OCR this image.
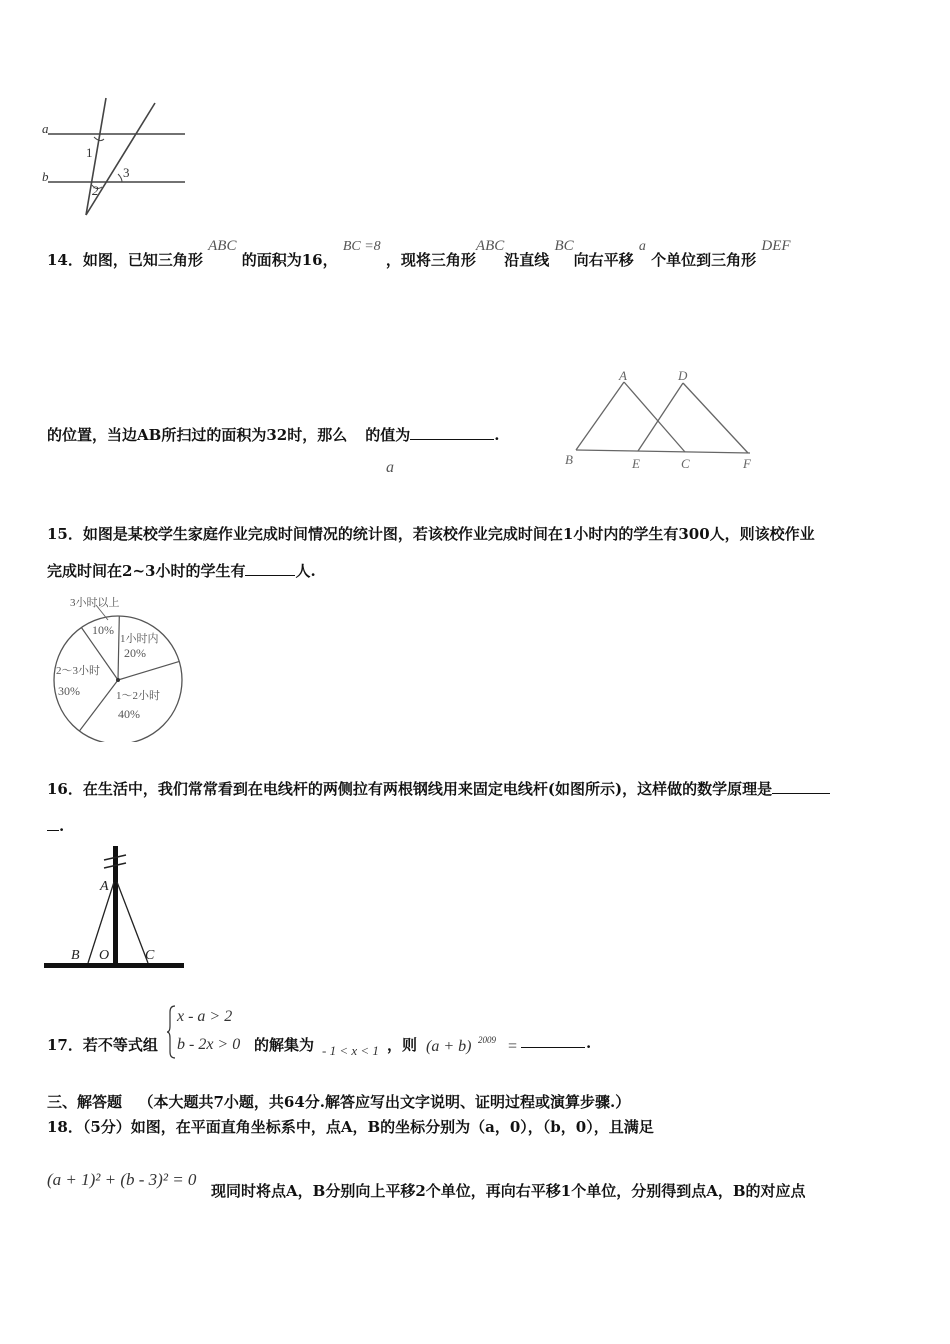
a
b
1
2
3
14．如图，已知三角形 ABC 的面积为16， BC =8 ，现将三角形ABC沿直线 BC向右平移 a 个单位到三角形 DEF
的位置，当边AB所扫过的面积为32时，那么 的值为	.
a
A	D
B	E	C	F
15．如图是某校学生家庭作业完成时间情况的统计图，若该校作业完成时间在1小时内的学生有300人，则该校作业
完成时间在2~3小时的学生有	人.
3小时以上
10%
1小时内
20%
2～3小时
30%	1～2小时
40%
16．在生活中，我们常常看到在电线杆的两侧拉有两根钢线用来固定电线杆(如图所示)，这样做的数学原理是
.
A
B O	C
17．若不等式组
x - a > 2
b - 2x > 0 的解集为 - 1 < x < 1 ，则 (a + b) 2009 =	.
三、解答题 （本大题共7小题，共64分.解答应写出文字说明、证明过程或演算步骤.）
18．（5分）如图，在平面直角坐标系中，点A，B的坐标分别为（a，0），（b，0），且满足
(a + 1)² + (b - 3)² = 0
现同时将点A，B分别向上平移2个单位，再向右平移1个单位，分别得到点A，B的对应点
